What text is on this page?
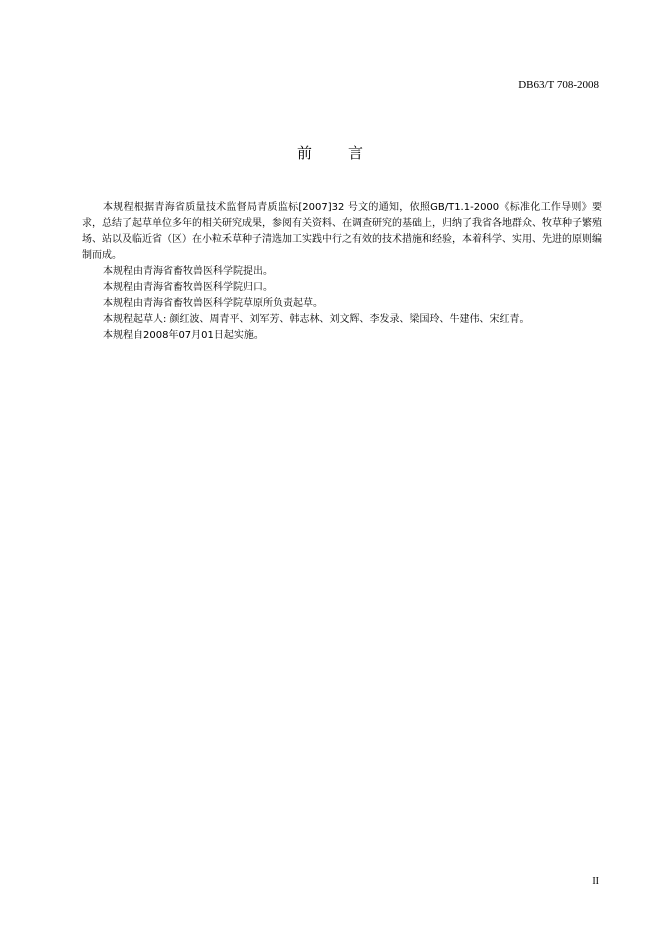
DB63/T 708-2008
前　　言

本规程根据青海省质量技术监督局青质监标[2007]32 号文的通知，依照GB/T1.1-2000《标准化工作导则》要求，总结了起草单位多年的相关研究成果，参阅有关资料、在调查研究的基础上，归纳了我省各地群众、牧草种子繁殖场、站以及临近省（区）在小粒禾草种子清选加工实践中行之有效的技术措施和经验，本着科学、实用、先进的原则编制而成。

本规程由青海省畜牧兽医科学院提出。

本规程由青海省畜牧兽医科学院归口。

本规程由青海省畜牧兽医科学院草原所负责起草。

本规程起草人: 颜红波、周青平、刘军芳、韩志林、刘文辉、李发录、梁国玲、牛建伟、宋红青。

本规程自2008年07月01日起实施。

II
